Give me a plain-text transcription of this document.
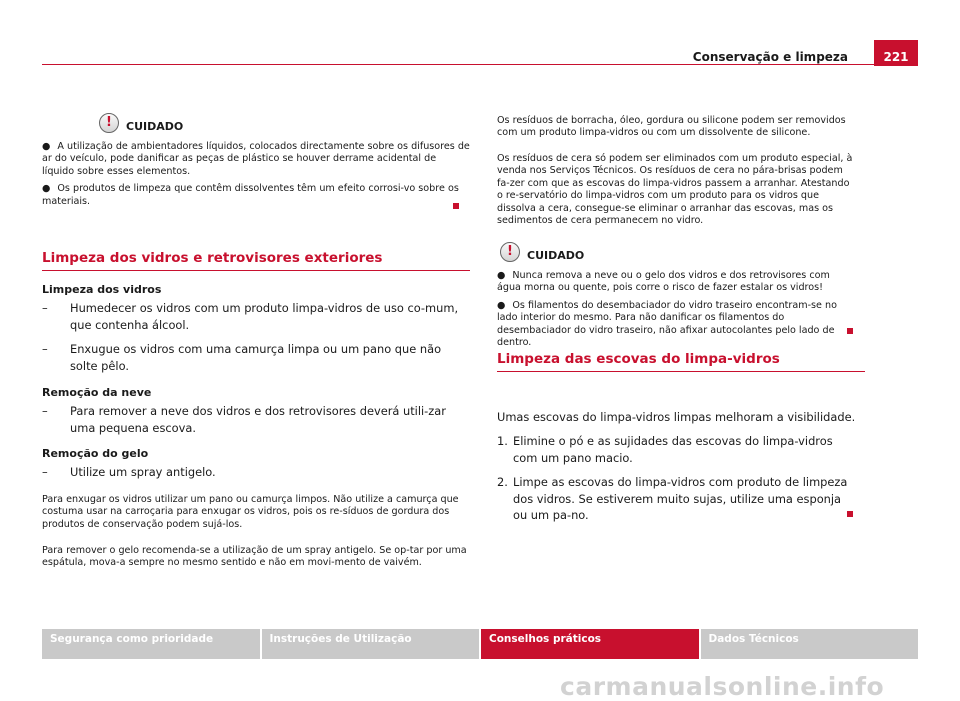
Conservação e limpeza	221
!	CUIDADO

● A utilização de ambientadores líquidos, colocados directamente sobre os difusores de ar do veículo, pode danificar as peças de plástico se houver derrame acidental de líquido sobre esses elementos.

● Os produtos de limpeza que contêm dissolventes têm um efeito corrosi-vo sobre os materiais.

Limpeza dos vidros e retrovisores exteriores

Limpeza dos vidros

– Humedecer os vidros com um produto limpa-vidros de uso co-mum, que contenha álcool.

– Enxugue os vidros com uma camurça limpa ou um pano que não solte pêlo.

Remoção da neve

– Para remover a neve dos vidros e dos retrovisores deverá utili-zar uma pequena escova.

Remoção do gelo

– Utilize um spray antigelo.

Para enxugar os vidros utilizar um pano ou camurça limpos. Não utilize a camurça que costuma usar na carroçaria para enxugar os vidros, pois os re-síduos de gordura dos produtos de conservação podem sujá-los.

Para remover o gelo recomenda-se a utilização de um spray antigelo. Se op-tar por uma espátula, mova-a sempre no mesmo sentido e não em movi-mento de vaivém.

Os resíduos de borracha, óleo, gordura ou silicone podem ser removidos com um produto limpa-vidros ou com um dissolvente de silicone.

Os resíduos de cera só podem ser eliminados com um produto especial, à venda nos Serviços Técnicos. Os resíduos de cera no pára-brisas podem fa-zer com que as escovas do limpa-vidros passem a arranhar. Atestando o re-servatório do limpa-vidros com um produto para os vidros que dissolva a cera, consegue-se eliminar o arranhar das escovas, mas os sedimentos de cera permanecem no vidro.

!	CUIDADO

● Nunca remova a neve ou o gelo dos vidros e dos retrovisores com água morna ou quente, pois corre o risco de fazer estalar os vidros!

● Os filamentos do desembaciador do vidro traseiro encontram-se no lado interior do mesmo. Para não danificar os filamentos do desembaciador do vidro traseiro, não afixar autocolantes pelo lado de dentro.

Limpeza das escovas do limpa-vidros

Umas escovas do limpa-vidros limpas melhoram a visibilidade.

1. Elimine o pó e as sujidades das escovas do limpa-vidros com um pano macio.

2. Limpe as escovas do limpa-vidros com produto de limpeza dos vidros. Se estiverem muito sujas, utilize uma esponja ou um pa-no.

Segurança como prioridade	Instruções de Utilização	Conselhos práticos	Dados Técnicos
carmanualsonline.info
